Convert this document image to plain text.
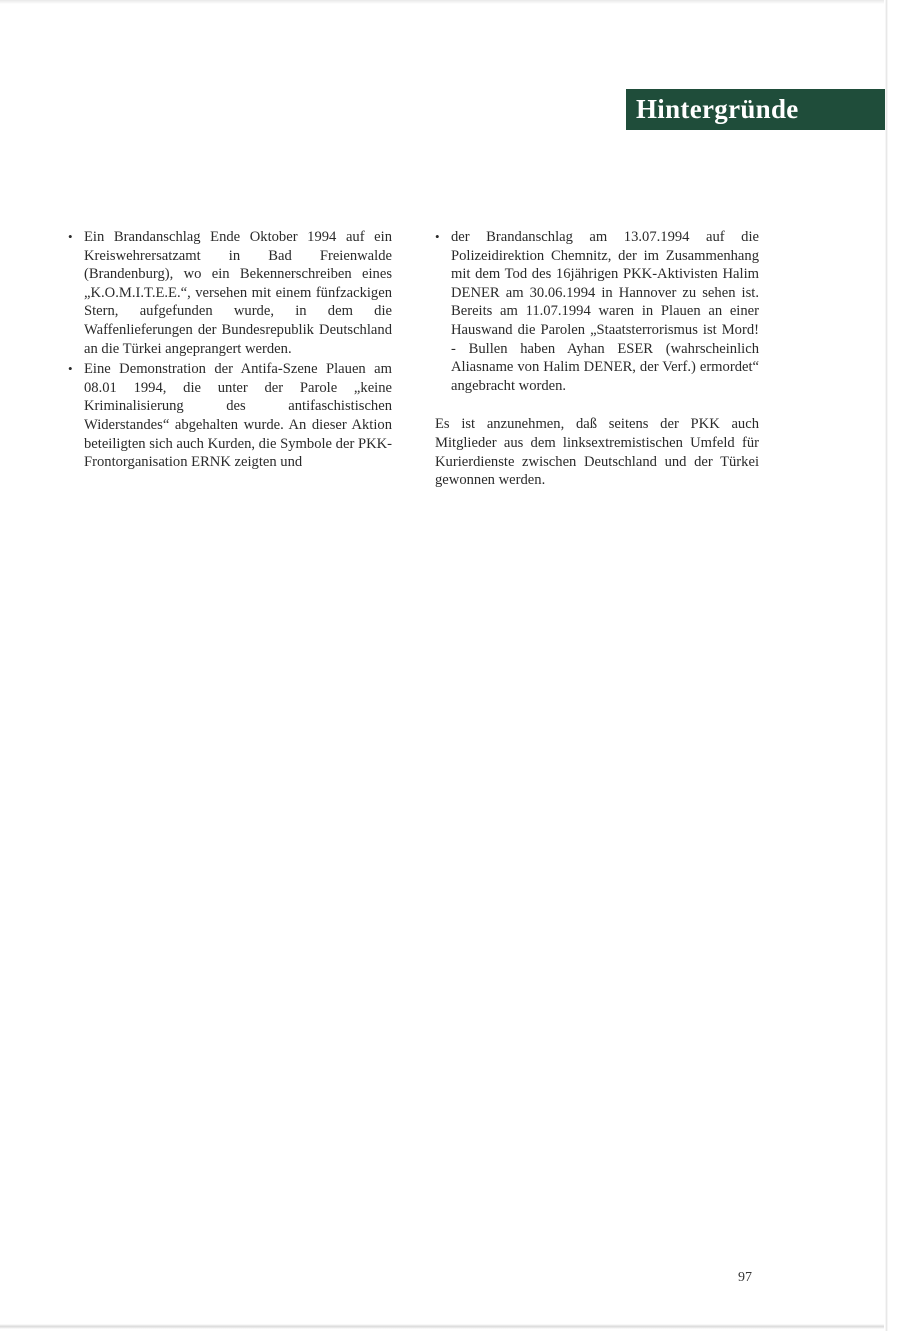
Hintergründe
• Ein Brandanschlag Ende Oktober 1994 auf ein Kreiswehrersatzamt in Bad Freienwalde (Brandenburg), wo ein Bekennerschreiben eines „K.O.M.I.T.E.E.“, versehen mit einem fünfzackigen Stern, aufgefunden wurde, in dem die Waffenlieferungen der Bundesrepublik Deutschland an die Türkei angeprangert werden.
• Eine Demonstration der Antifa-Szene Plauen am 08.01 1994, die unter der Parole „keine Kriminalisierung des antifaschistischen Widerstandes“ abgehalten wurde. An dieser Aktion beteiligten sich auch Kurden, die Symbole der PKK-Frontorganisation ERNK zeigten und
• der Brandanschlag am 13.07.1994 auf die Polizeidirektion Chemnitz, der im Zusammenhang mit dem Tod des 16jährigen PKK-Aktivisten Halim DENER am 30.06.1994 in Hannover zu sehen ist. Bereits am 11.07.1994 waren in Plauen an einer Hauswand die Parolen „Staatsterrorismus ist Mord! - Bullen haben Ayhan ESER (wahrscheinlich Aliasname von Halim DENER, der Verf.) ermordet“ angebracht worden.

Es ist anzunehmen, daß seitens der PKK auch Mitglieder aus dem linksextremistischen Umfeld für Kurierdienste zwischen Deutschland und der Türkei gewonnen werden.

97
